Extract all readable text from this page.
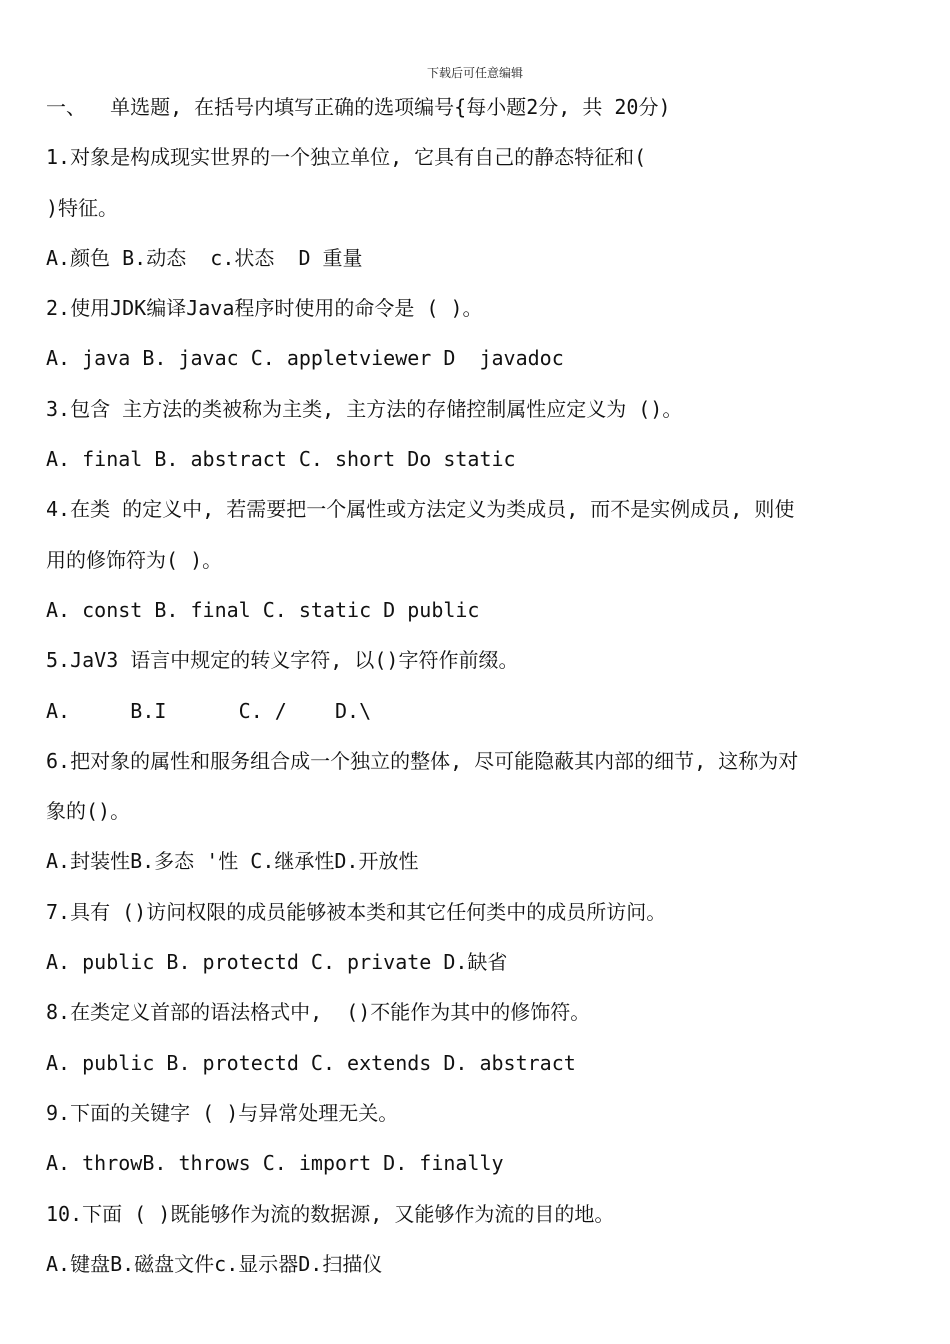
下载后可任意编辑
一、  单选题, 在括号内填写正确的选项编号{每小题2分, 共 20分)
1.对象是构成现实世界的一个独立单位, 它具有自己的静态特征和(
)特征。
A.颜色 B.动态  c.状态  D 重量
2.使用JDK编译Java程序时使用的命令是 ( )。
A. java B. javac C. appletviewer D  javadoc
3.包含 主方法的类被称为主类, 主方法的存储控制属性应定义为 ()。
A. final B. abstract C. short Do static
4.在类 的定义中, 若需要把一个属性或方法定义为类成员, 而不是实例成员, 则使
用的修饰符为( )。
A. const B. final C. static D public
5.JaV3 语言中规定的转义字符, 以()字符作前缀。
A.     B.I      C. /    D.\
6.把对象的属性和服务组合成一个独立的整体, 尽可能隐蔽其内部的细节, 这称为对
象的()。
A.封装性B.多态 '性 C.继承性D.开放性
7.具有 ()访问权限的成员能够被本类和其它任何类中的成员所访问。
A. public B. protectd C. private D.缺省
8.在类定义首部的语法格式中,  ()不能作为其中的修饰符。
A. public B. protectd C. extends D. abstract
9.下面的关键字 ( )与异常处理无关。
A. throwB. throws C. import D. finally
10.下面 ( )既能够作为流的数据源, 又能够作为流的目的地。
A.键盘B.磁盘文件c.显示器D.扫描仪
